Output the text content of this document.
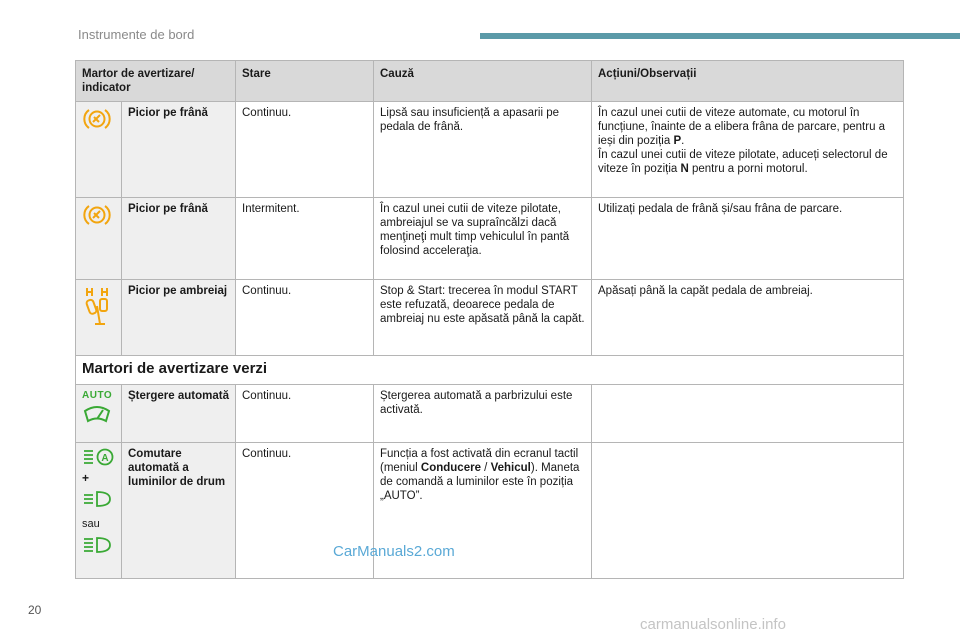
Instrumente de bord
Martor de avertizare/ indicator		Stare	Cauză	Acțiuni/Observații
	Picior pe frână	Continuu.	Lipsă sau insuficiență a apasarii pe pedala de frână.	În cazul unei cutii de viteze automate, cu motorul în funcțiune, înainte de a elibera frâna de parcare, pentru a ieși din poziția P.
În cazul unei cutii de viteze pilotate, aduceți selectorul de viteze în poziția N pentru a porni motorul.
	Picior pe frână	Intermitent.	În cazul unei cutii de viteze pilotate, ambreiajul se va supraîncălzi dacă menţineţi mult timp vehiculul în pantă folosind acceleraţia.	Utilizați pedala de frână și/sau frâna de parcare.
	Picior pe ambreiaj	Continuu.	Stop & Start: trecerea în modul START este refuzată, deoarece pedala de ambreiaj nu este apăsată până la capăt.	Apăsați până la capăt pedala de ambreiaj.
Martori de avertizare verzi				

AUTO	Ștergere automată	Continuu.	Ștergerea automată a parbrizului este activată.	

A
+
sau	Comutare automată a luminilor de drum	Continuu.	Funcția a fost activată din ecranul tactil (meniul Conducere / Vehicul). Maneta de comandă a luminilor este în poziția „AUTO”.	
CarManuals2.com
20
carmanualsonline.info
